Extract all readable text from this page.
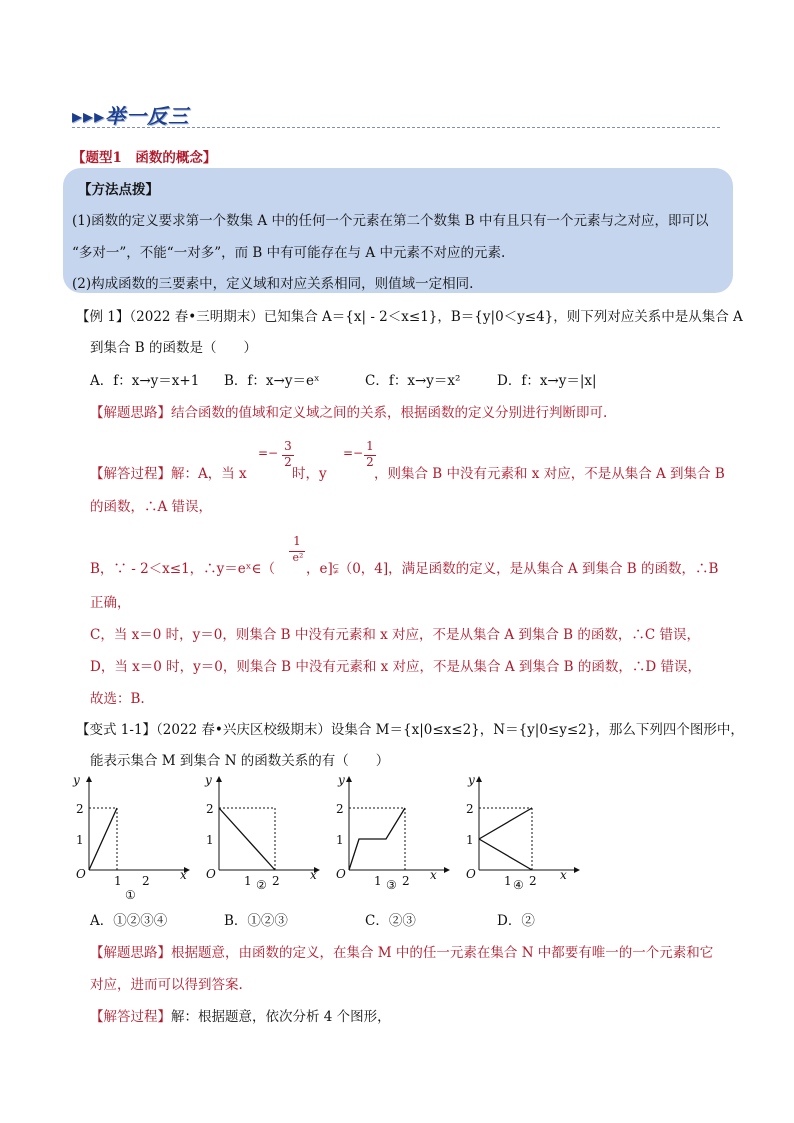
▸▸▸举一反三
【题型1　函数的概念】
【方法点拨】
(1)函数的定义要求第一个数集 A 中的任何一个元素在第二个数集 B 中有且只有一个元素与之对应，即可以
“多对一”，不能“一对多”，而 B 中有可能存在与 A 中元素不对应的元素.
(2)构成函数的三要素中，定义域和对应关系相同，则值域一定相同.
【例 1】（2022 春•三明期末）已知集合 A＝{x| - 2＜x≤1}，B＝{y|0＜y≤4}，则下列对应关系中是从集合 A
到集合 B 的函数是（　　）
A．f：x→y＝x+1 B．f：x→y＝eˣ	C．f：x→y＝x²	D．f：x→y＝|x|
【解题思路】结合函数的值域和定义域之间的关系，根据函数的定义分别进行判断即可.
【解答过程】解：A，当 x
=− 3
2
时，y
=− 1
2
，则集合 B 中没有元素和 x 对应，不是从集合 A 到集合 B
的函数，∴A 错误，
1
e²
B，∵ - 2＜x≤1，∴y＝eˣ∈（ ，e]⫋（0，4]，满足函数的定义，是从集合 A 到集合 B 的函数，∴B
正确，
C，当 x＝0 时，y＝0，则集合 B 中没有元素和 x 对应，不是从集合 A 到集合 B 的函数，∴C 错误，
D，当 x＝0 时，y＝0，则集合 B 中没有元素和 x 对应，不是从集合 A 到集合 B 的函数，∴D 错误，
故选：B.
【变式 1-1】（2022 春•兴庆区校级期末）设集合 M＝{x|0≤x≤2}，N＝{y|0≤y≤2}，那么下列四个图形中，
能表示集合 M 到集合 N 的函数关系的有（　　）
y
x
O 1 2
1
2
①
y
x
O 1 2
1
2
②
y
x
O 1 2
1
2
③
y
x
O 1 2
1
2
④
A．①②③④	B．①②③	C．②③	D．②
【解题思路】根据题意，由函数的定义，在集合 M 中的任一元素在集合 N 中都要有唯一的一个元素和它
对应，进而可以得到答案.
【解答过程】解：根据题意，依次分析 4 个图形，
